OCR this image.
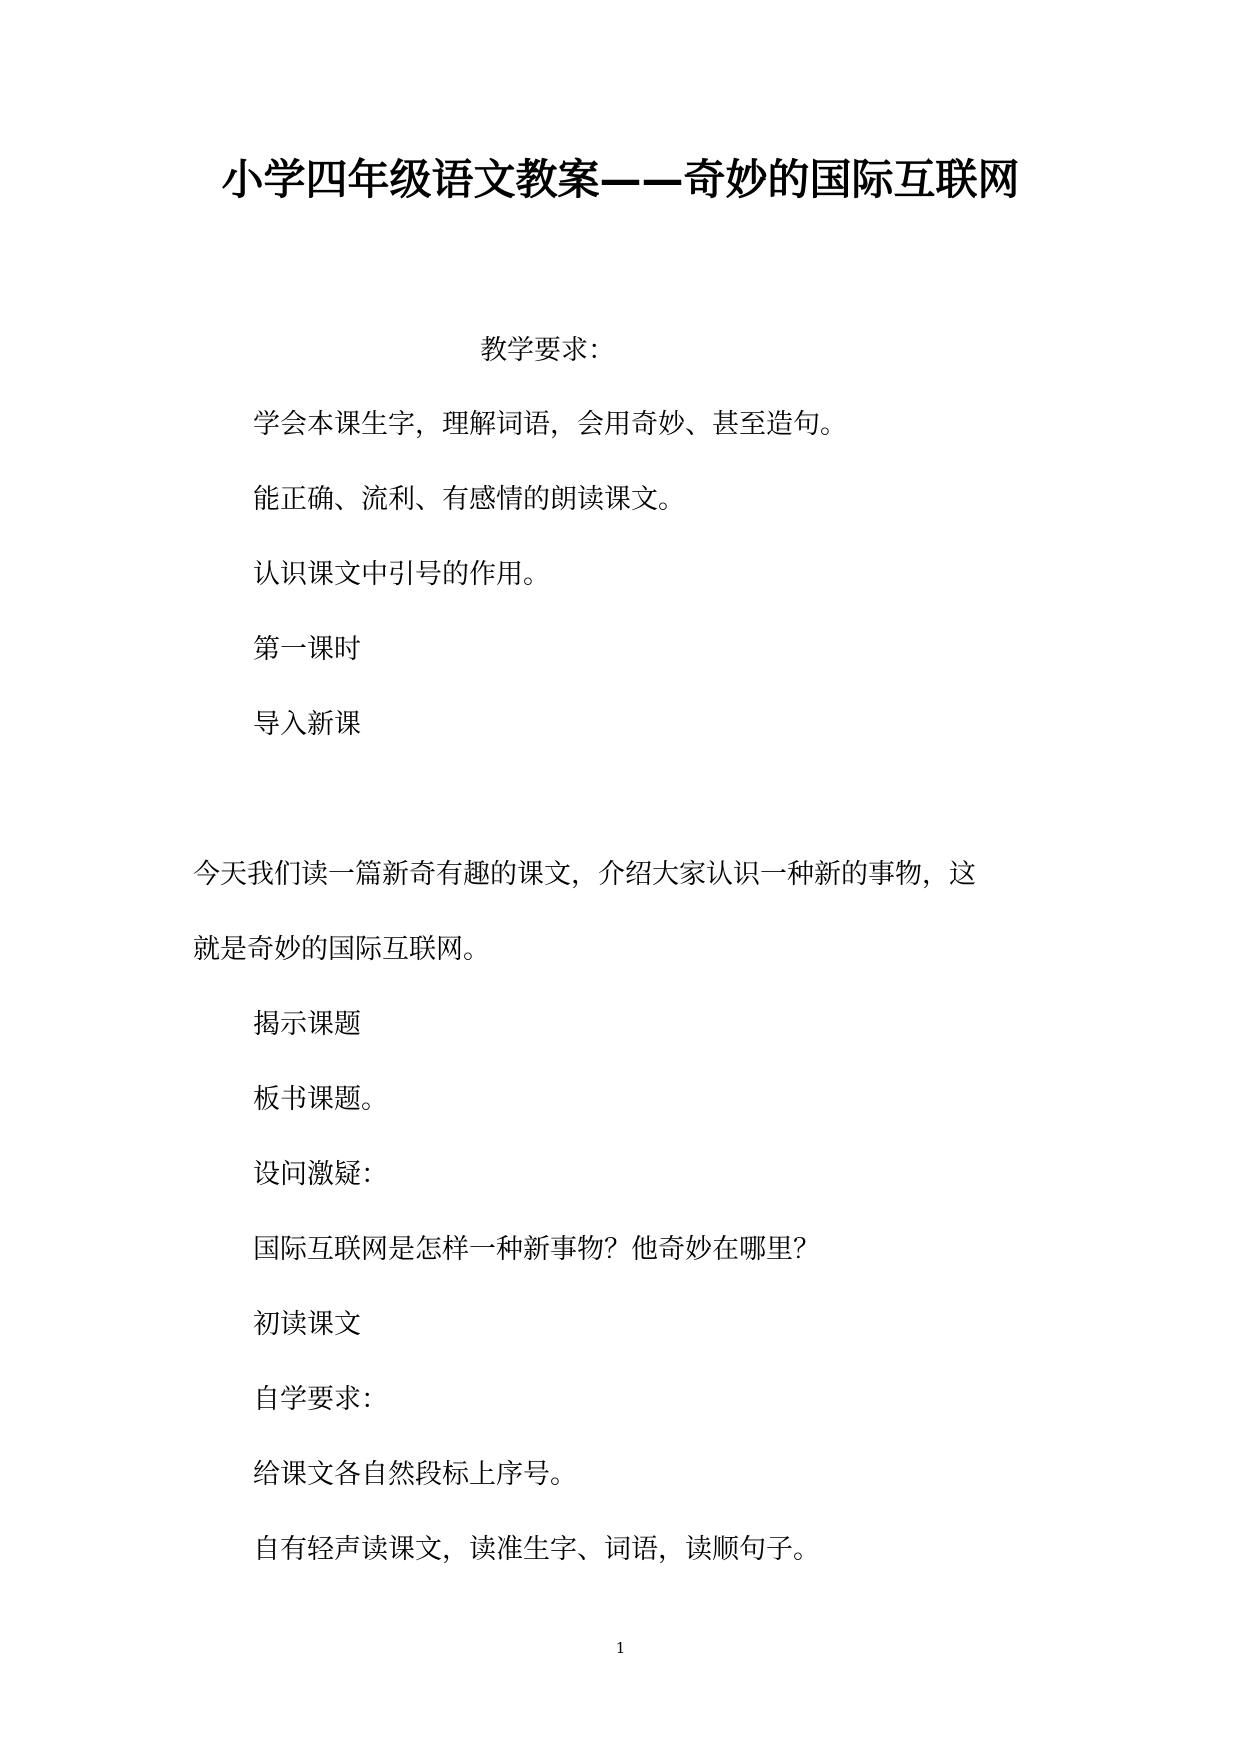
小学四年级语文教案——奇妙的国际互联网

教学要求：

学会本课生字，理解词语，会用奇妙、甚至造句。

能正确、流利、有感情的朗读课文。

认识课文中引号的作用。

第一课时

导入新课

今天我们读一篇新奇有趣的课文，介绍大家认识一种新的事物，这

就是奇妙的国际互联网。

揭示课题

板书课题。

设问激疑：

国际互联网是怎样一种新事物？他奇妙在哪里？

初读课文

自学要求：

给课文各自然段标上序号。

自有轻声读课文，读准生字、词语，读顺句子。

1
